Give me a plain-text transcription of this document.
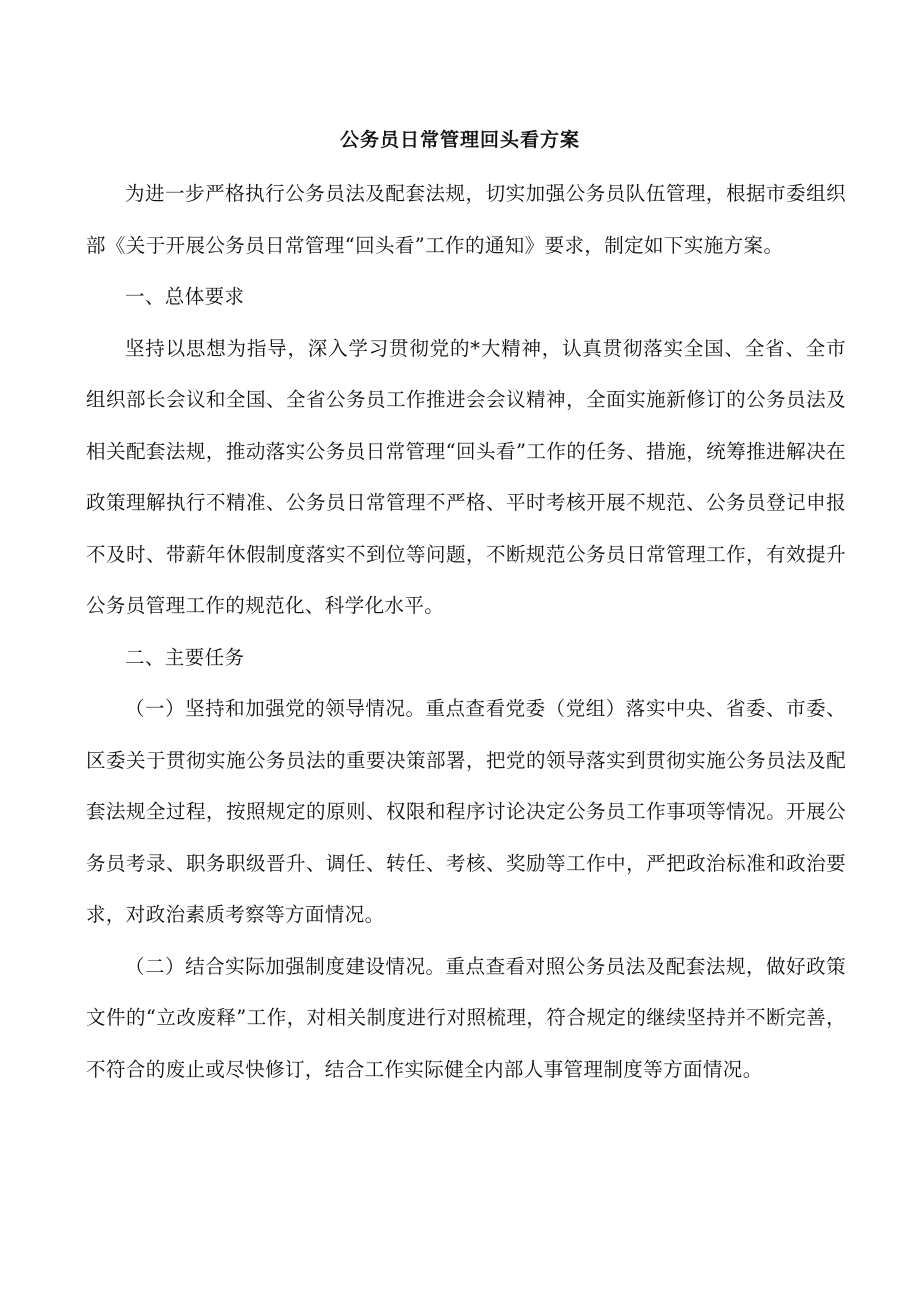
公务员日常管理回头看方案

为进一步严格执行公务员法及配套法规，切实加强公务员队伍管理，根据市委组织部《关于开展公务员日常管理“回头看”工作的通知》要求，制定如下实施方案。

一、总体要求

坚持以思想为指导，深入学习贯彻党的*大精神，认真贯彻落实全国、全省、全市组织部长会议和全国、全省公务员工作推进会会议精神，全面实施新修订的公务员法及相关配套法规，推动落实公务员日常管理“回头看”工作的任务、措施，统筹推进解决在政策理解执行不精准、公务员日常管理不严格、平时考核开展不规范、公务员登记申报不及时、带薪年休假制度落实不到位等问题，不断规范公务员日常管理工作，有效提升公务员管理工作的规范化、科学化水平。

二、主要任务

（一）坚持和加强党的领导情况。重点查看党委（党组）落实中央、省委、市委、区委关于贯彻实施公务员法的重要决策部署，把党的领导落实到贯彻实施公务员法及配套法规全过程，按照规定的原则、权限和程序讨论决定公务员工作事项等情况。开展公务员考录、职务职级晋升、调任、转任、考核、奖励等工作中，严把政治标准和政治要求，对政治素质考察等方面情况。

（二）结合实际加强制度建设情况。重点查看对照公务员法及配套法规，做好政策文件的“立改废释”工作，对相关制度进行对照梳理，符合规定的继续坚持并不断完善，不符合的废止或尽快修订，结合工作实际健全内部人事管理制度等方面情况。
